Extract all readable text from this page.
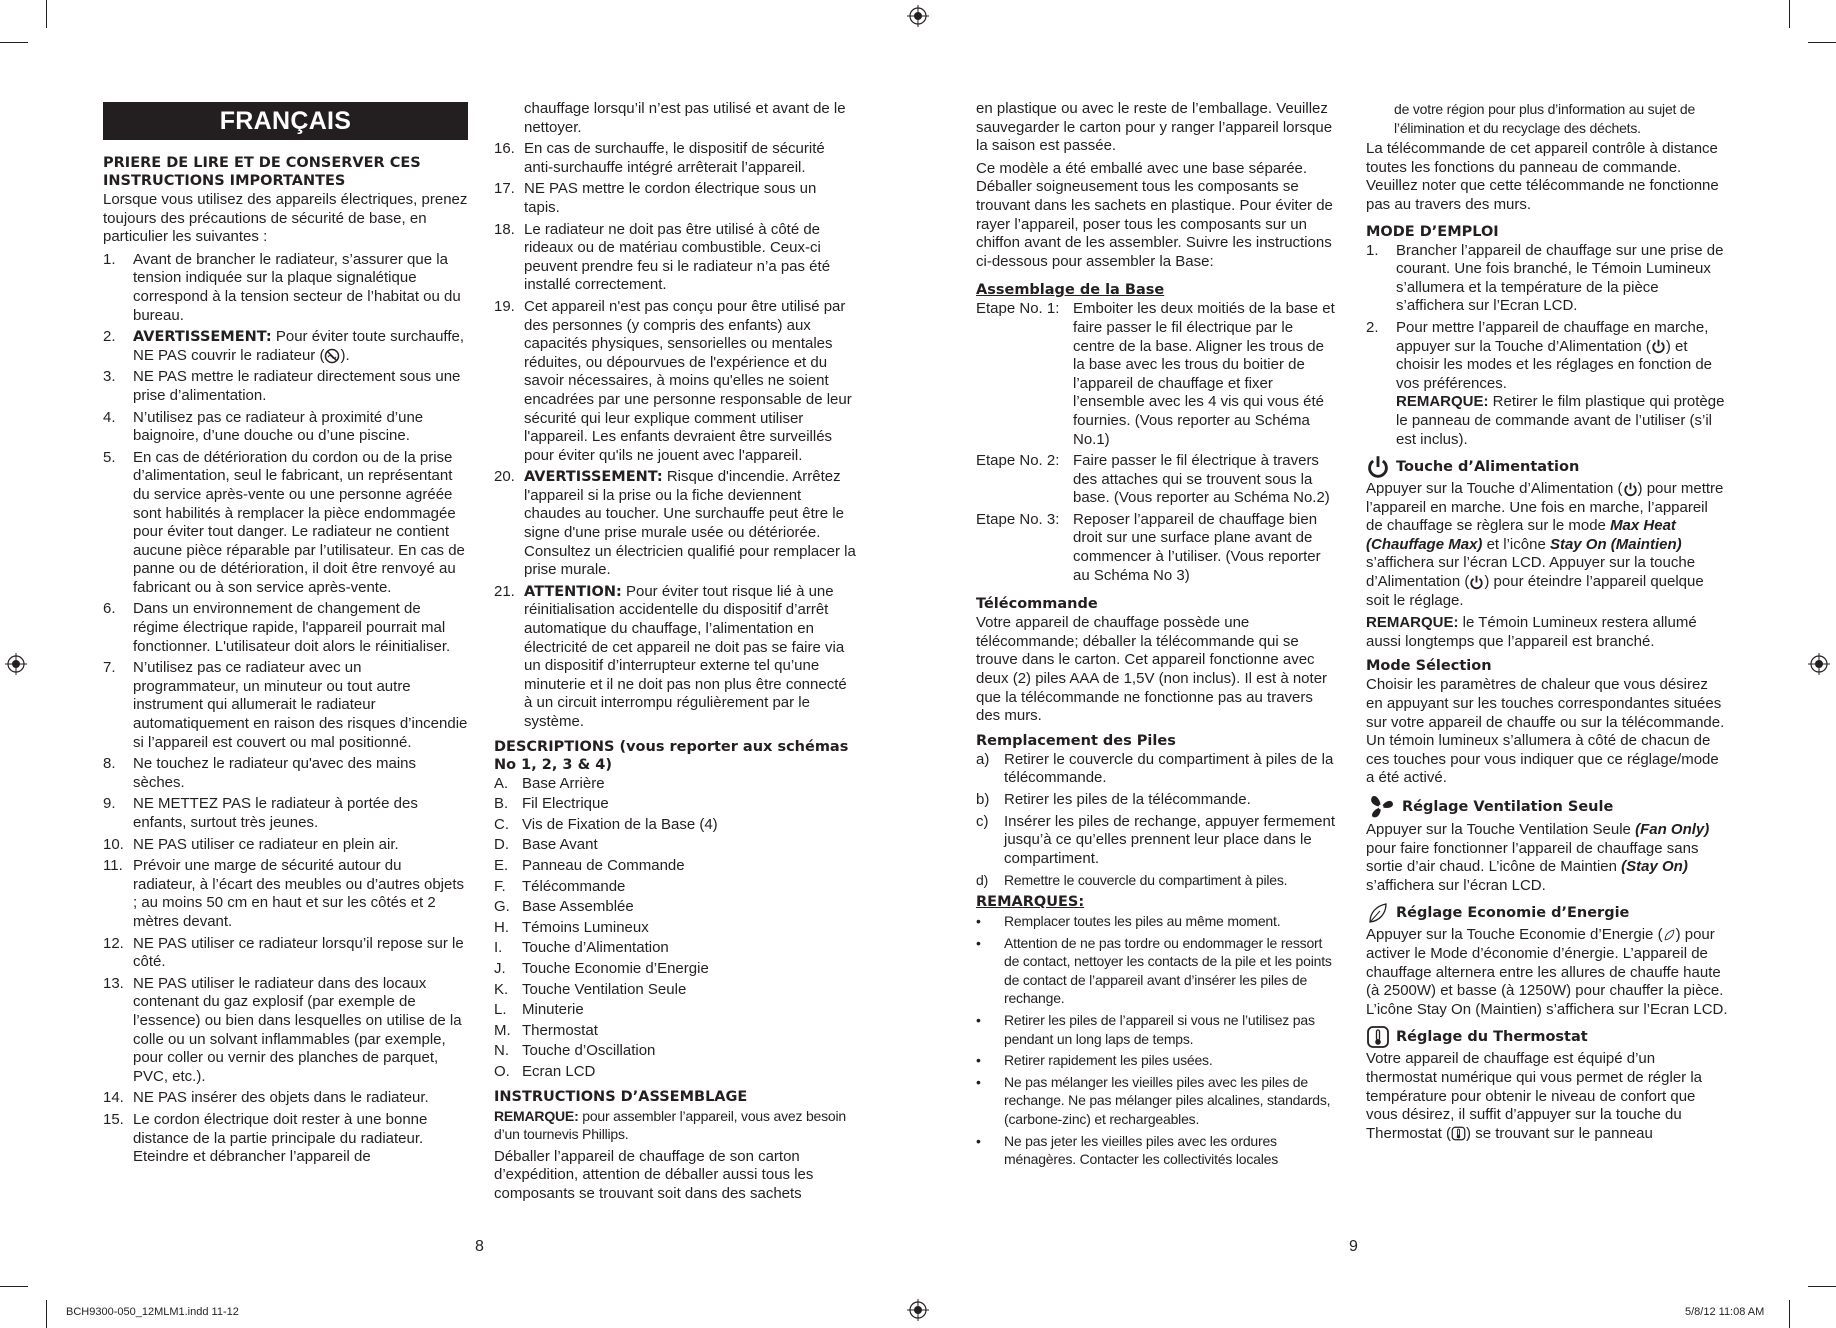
FRANÇAIS
PRIERE DE LIRE ET DE CONSERVER CES INSTRUCTIONS IMPORTANTES

Lorsque vous utilisez des appareils électriques, prenez toujours des précautions de sécurité de base, en particulier les suivantes :

1.	Avant de brancher le radiateur, s’assurer que la tension indiquée sur la plaque signalétique correspond à la tension secteur de l’habitat ou du bureau.
2.	AVERTISSEMENT: Pour éviter toute surchauffe, NE PAS couvrir le radiateur ( ).
3.	NE PAS mettre le radiateur directement sous une prise d’alimentation.
4.	N’utilisez pas ce radiateur à proximité d’une baignoire, d’une douche ou d’une piscine.
5.	En cas de détérioration du cordon ou de la prise d’alimentation, seul le fabricant, un représentant du service après-vente ou une personne agréée sont habilités à remplacer la pièce endommagée pour éviter tout danger. Le radiateur ne contient aucune pièce réparable par l’utilisateur. En cas de panne ou de détérioration, il doit être renvoyé au fabricant ou à son service après-vente.
6.	Dans un environnement de changement de régime électrique rapide, l'appareil pourrait mal fonctionner. L'utilisateur doit alors le réinitialiser.
7.	N’utilisez pas ce radiateur avec un programmateur, un minuteur ou tout autre instrument qui allumerait le radiateur automatiquement en raison des risques d’incendie si l’appareil est couvert ou mal positionné.
8.	Ne touchez le radiateur qu'avec des mains sèches.
9.	NE METTEZ PAS le radiateur à portée des enfants, surtout très jeunes.
10. NE PAS utiliser ce radiateur en plein air.
11. Prévoir une marge de sécurité autour du radiateur, à l’écart des meubles ou d’autres objets ; au moins 50 cm en haut et sur les côtés et 2 mètres devant.
12. NE PAS utiliser ce radiateur lorsqu’il repose sur le côté.
13. NE PAS utiliser le radiateur dans des locaux contenant du gaz explosif (par exemple de l’essence) ou bien dans lesquelles on utilise de la colle ou un solvant inflammables (par exemple, pour coller ou vernir des planches de parquet, PVC, etc.).
14. NE PAS insérer des objets dans le radiateur.
15. Le cordon électrique doit rester à une bonne distance de la partie principale du radiateur. Eteindre et débrancher l’appareil de
chauffage lorsqu’il n’est pas utilisé et avant de le nettoyer.
16. En cas de surchauffe, le dispositif de sécurité anti-surchauffe intégré arrêterait l’appareil.
17. NE PAS mettre le cordon électrique sous un tapis.
18. Le radiateur ne doit pas être utilisé à côté de rideaux ou de matériau combustible. Ceux-ci peuvent prendre feu si le radiateur n’a pas été installé correctement.
19. Cet appareil n'est pas conçu pour être utilisé par des personnes (y compris des enfants) aux capacités physiques, sensorielles ou mentales réduites, ou dépourvues de l'expérience et du savoir nécessaires, à moins qu'elles ne soient encadrées par une personne responsable de leur sécurité qui leur explique comment utiliser l'appareil. Les enfants devraient être surveillés pour éviter qu'ils ne jouent avec l'appareil.
20. AVERTISSEMENT: Risque d'incendie. Arrêtez l'appareil si la prise ou la fiche deviennent chaudes au toucher. Une surchauffe peut être le signe d'une prise murale usée ou détériorée. Consultez un électricien qualifié pour remplacer la prise murale.
21. ATTENTION: Pour éviter tout risque lié à une réinitialisation accidentelle du dispositif d’arrêt automatique du chauffage, l’alimentation en électricité de cet appareil ne doit pas se faire via un dispositif d’interrupteur externe tel qu’une minuterie et il ne doit pas non plus être connecté à un circuit interrompu régulièrement par le système.
DESCRIPTIONS (vous reporter aux schémas No 1, 2, 3 & 4)
A. Base Arrière
B. Fil Electrique
C. Vis de Fixation de la Base (4)
D. Base Avant
E. Panneau de Commande
F.	Télécommande
G. Base Assemblée
H. Témoins Lumineux
I.	Touche d’Alimentation
J.	Touche Economie d’Energie
K. Touche Ventilation Seule
L.	Minuterie
M. Thermostat
N. Touche d’Oscillation
O. Ecran LCD
INSTRUCTIONS D’ASSEMBLAGE

REMARQUE: pour assembler l’appareil, vous avez besoin d’un tournevis Phillips.

Déballer l’appareil de chauffage de son carton d’expédition, attention de déballer aussi tous les composants se trouvant soit dans des sachets

en plastique ou avec le reste de l’emballage. Veuillez sauvegarder le carton pour y ranger l’appareil lorsque la saison est passée.

Ce modèle a été emballé avec une base séparée. Déballer soigneusement tous les composants se trouvant dans les sachets en plastique. Pour éviter de rayer l’appareil, poser tous les composants sur un chiffon avant de les assembler. Suivre les instructions ci-dessous pour assembler la Base:

Assemblage de la Base
Etape No. 1: Emboiter les deux moitiés de la base et faire passer le fil électrique par le centre de la base. Aligner les trous de la base avec les trous du boitier de l’appareil de chauffage et fixer l’ensemble avec les 4 vis qui vous été fournies. (Vous reporter au Schéma No.1)
Etape No. 2: Faire passer le fil électrique à travers des attaches qui se trouvent sous la base. (Vous reporter au Schéma No.2)
Etape No. 3: Reposer l’appareil de chauffage bien droit sur une surface plane avant de commencer à l’utiliser. (Vous reporter au Schéma No 3)
Télécommande

Votre appareil de chauffage possède une télécommande; déballer la télécommande qui se trouve dans le carton. Cet appareil fonctionne avec deux (2) piles AAA de 1,5V (non inclus). Il est à noter que la télécommande ne fonctionne pas au travers des murs.

Remplacement des Piles
a) Retirer le couvercle du compartiment à piles de la télécommande.
b) Retirer les piles de la télécommande.
c)	Insérer les piles de rechange, appuyer fermement jusqu’à ce qu’elles prennent leur place dans le compartiment.
d)	Remettre le couvercle du compartiment à piles.
REMARQUES:
•	Remplacer toutes les piles au même moment.
•	Attention de ne pas tordre ou endommager le ressort de contact, nettoyer les contacts de la pile et les points de contact de l’appareil avant d’insérer les piles de rechange.
•	Retirer les piles de l’appareil si vous ne l’utilisez pas pendant un long laps de temps.
•	Retirer rapidement les piles usées.
•	Ne pas mélanger les vieilles piles avec les piles de rechange. Ne pas mélanger piles alcalines, standards, (carbone-zinc) et rechargeables.
•	Ne pas jeter les vieilles piles avec les ordures ménagères. Contacter les collectivités locales
de votre région pour plus d’information au sujet de l’élimination et du recyclage des déchets.

La télécommande de cet appareil contrôle à distance toutes les fonctions du panneau de commande. Veuillez noter que cette télécommande ne fonctionne pas au travers des murs.

MODE D’EMPLOI
1.	Brancher l’appareil de chauffage sur une prise de courant. Une fois branché, le Témoin Lumineux s’allumera et la température de la pièce s’affichera sur l’Ecran LCD.
2.	Pour mettre l’appareil de chauffage en marche, appuyer sur la Touche d’Alimentation ( ) et choisir les modes et les réglages en fonction de vos préférences.
REMARQUE: Retirer le film plastique qui protège le panneau de commande avant de l’utiliser (s’il est inclus).
Touche d’Alimentation

Appuyer sur la Touche d’Alimentation ( ) pour mettre l’appareil en marche. Une fois en marche, l’appareil de chauffage se règlera sur le mode Max Heat (Chauffage Max) et l’icône Stay On (Maintien) s’affichera sur l’écran LCD. Appuyer sur la touche d’Alimentation ( ) pour éteindre l’appareil quelque soit le réglage.

REMARQUE: le Témoin Lumineux restera allumé aussi longtemps que l’appareil est branché.

Mode Sélection

Choisir les paramètres de chaleur que vous désirez en appuyant sur les touches correspondantes situées sur votre appareil de chauffe ou sur la télécommande. Un témoin lumineux s’allumera à côté de chacun de ces touches pour vous indiquer que ce réglage/mode a été activé.

Réglage Ventilation Seule

Appuyer sur la Touche Ventilation Seule (Fan Only) pour faire fonctionner l’appareil de chauffage sans sortie d’air chaud. L’icône de Maintien (Stay On) s’affichera sur l’écran LCD.

Réglage Economie d’Energie

Appuyer sur la Touche Economie d’Energie ( ) pour activer le Mode d’économie d’énergie. L’appareil de chauffage alternera entre les allures de chauffe haute (à 2500W) et basse (à 1250W) pour chauffer la pièce. L’icône Stay On (Maintien) s’affichera sur l’Ecran LCD.

Réglage du Thermostat

Votre appareil de chauffage est équipé d’un thermostat numérique qui vous permet de régler la température pour obtenir le niveau de confort que vous désirez, il suffit d’appuyer sur la touche du Thermostat ( ) se trouvant sur le panneau

8	9
BCH9300-050_12MLM1.indd 11-12	5/8/12 11:08 AM
